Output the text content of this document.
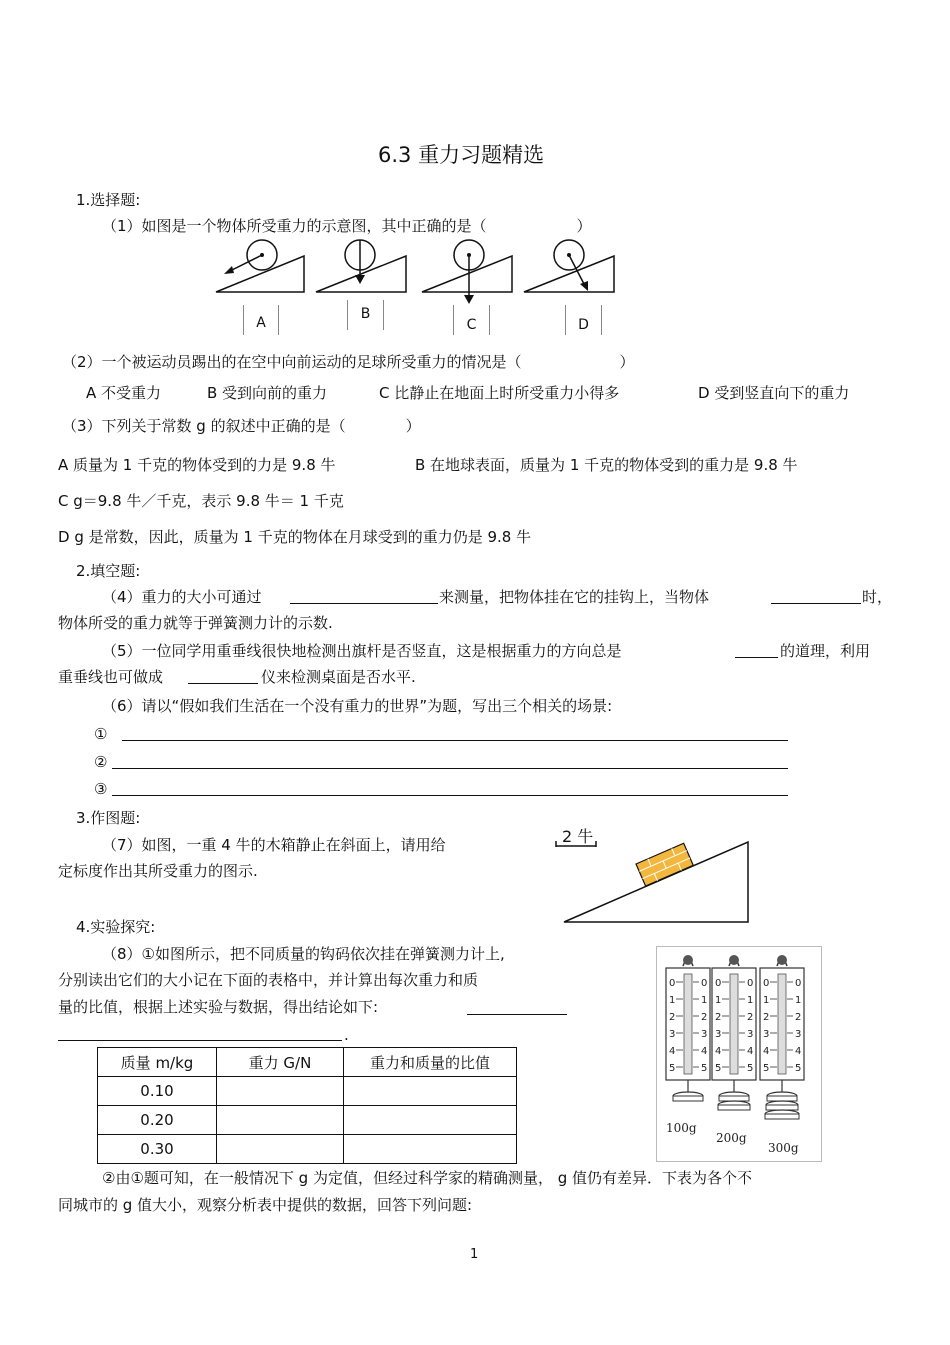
6.3 重力习题精选
1.选择题:
（1）如图是一个物体所受重力的示意图，其中正确的是（	）
A
B
C	D
（2）一个被运动员踢出的在空中向前运动的足球所受重力的情况是（	）
A 不受重力	B 受到向前的重力	C 比静止在地面上时所受重力小得多	D 受到竖直向下的重力
（3）下列关于常数 g 的叙述中正确的是（	）
A 质量为 1 千克的物体受到的力是 9.8 牛	B 在地球表面，质量为 1 千克的物体受到的重力是 9.8 牛
C g＝9.8 牛／千克，表示 9.8 牛＝ 1 千克
D g 是常数，因此，质量为 1 千克的物体在月球受到的重力仍是 9.8 牛
2.填空题:
（4）重力的大小可通过	来测量，把物体挂在它的挂钩上，当物体	时，
物体所受的重力就等于弹簧测力计的示数.
（5）一位同学用重垂线很快地检测出旗杆是否竖直，这是根据重力的方向总是	的道理，利用
重垂线也可做成	仪来检测桌面是否水平.
（6）请以“假如我们生活在一个没有重力的世界”为题，写出三个相关的场景:
①
②
③
3.作图题:
（7）如图，一重 4 牛的木箱静止在斜面上，请用给
定标度作出其所受重力的图示.
2 牛
4.实验探究:
（8）①如图所示，把不同质量的钩码依次挂在弹簧测力计上,
分别读出它们的大小记在下面的表格中，并计算出每次重力和质
量的比值，根据上述实验与数据，得出结论如下:
.
质量 m/kg	重力 G/N	重力和质量的比值
0.10		
0.20		
0.30		
0	0
1	1
2	2
3	3
4	4
5	5
100g
0	0
1	1
2	2
3	3
4	4
5	5
200g
0	0
1	1
2	2
3	3
4	4
5	5
300g
②由①题可知，在一般情况下 g 为定值，但经过科学家的精确测量， g 值仍有差异．下表为各个不
同城市的 g 值大小，观察分析表中提供的数据，回答下列问题:
1
